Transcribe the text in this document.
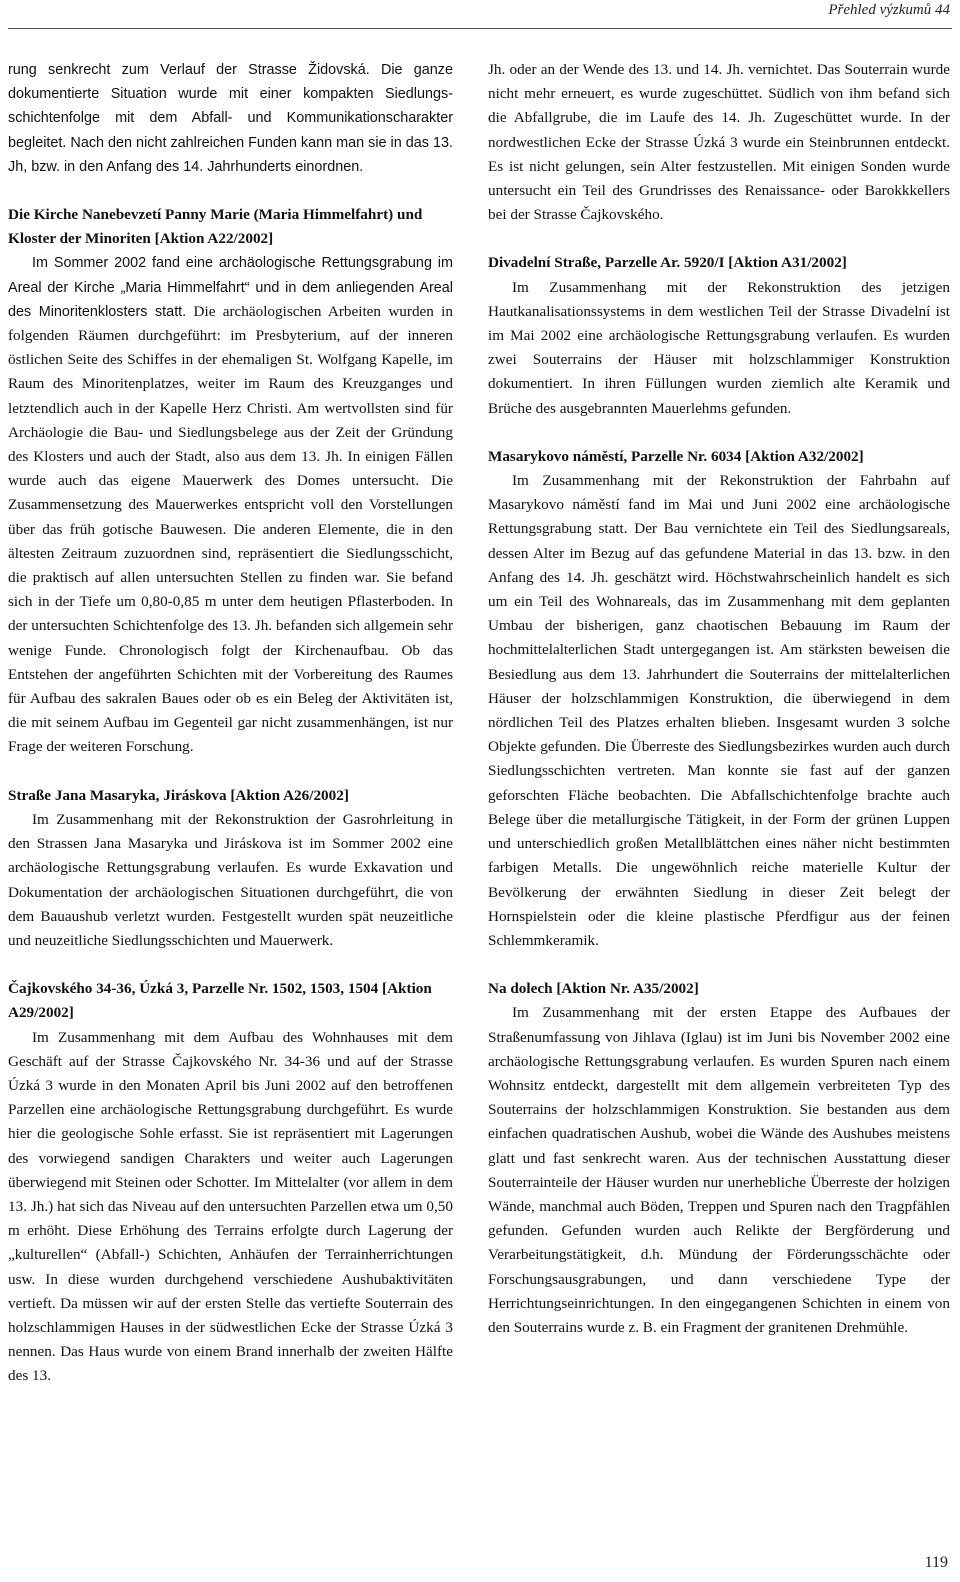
Přehled výzkumů 44

rung senkrecht zum Verlauf der Strasse Židovská. Die ganze dokumentierte Situation wurde mit einer kompakten Siedlungsschichtenfolge mit dem Abfall- und Kommunikationscharakter begleitet. Nach den nicht zahlreichen Funden kann man sie in das 13. Jh, bzw. in den Anfang des 14. Jahrhunderts einordnen.

Die Kirche Nanebevzetí Panny Marie (Maria Himmelfahrt) und Kloster der Minoriten [Aktion A22/2002]

Im Sommer 2002 fand eine archäologische Rettungsgrabung im Areal der Kirche „Maria Himmelfahrt“ und in dem anliegenden Areal des Minoritenklosters statt. Die archäologischen Arbeiten wurden in folgenden Räumen durchgeführt: im Presbyterium, auf der inneren östlichen Seite des Schiffes in der ehemaligen St. Wolfgang Kapelle, im Raum des Minoritenplatzes, weiter im Raum des Kreuzganges und letztendlich auch in der Kapelle Herz Christi. Am wertvollsten sind für Archäologie die Bau- und Siedlungsbelege aus der Zeit der Gründung des Klosters und auch der Stadt, also aus dem 13. Jh. In einigen Fällen wurde auch das eigene Mauerwerk des Domes untersucht. Die Zusammensetzung des Mauerwerkes entspricht voll den Vorstellungen über das früh gotische Bauwesen. Die anderen Elemente, die in den ältesten Zeitraum zuzuordnen sind, repräsentiert die Siedlungsschicht, die praktisch auf allen untersuchten Stellen zu finden war. Sie befand sich in der Tiefe um 0,80-0,85 m unter dem heutigen Pflasterboden. In der untersuchten Schichtenfolge des 13. Jh. befanden sich allgemein sehr wenige Funde. Chronologisch folgt der Kirchenaufbau. Ob das Entstehen der angeführten Schichten mit der Vorbereitung des Raumes für Aufbau des sakralen Baues oder ob es ein Beleg der Aktivitäten ist, die mit seinem Aufbau im Gegenteil gar nicht zusammenhängen, ist nur Frage der weiteren Forschung.
Straße Jana Masaryka, Jiráskova [Aktion A26/2002]

Im Zusammenhang mit der Rekonstruktion der Gasrohrleitung in den Strassen Jana Masaryka und Jiráskova ist im Sommer 2002 eine archäologische Rettungsgrabung verlaufen. Es wurde Exkavation und Dokumentation der archäologischen Situationen durchgeführt, die von dem Bauaushub verletzt wurden. Festgestellt wurden spät neuzeitliche und neuzeitliche Siedlungsschichten und Mauerwerk.

Čajkovského 34-36, Úzká 3, Parzelle Nr. 1502, 1503, 1504 [Aktion A29/2002]

Im Zusammenhang mit dem Aufbau des Wohnhauses mit dem Geschäft auf der Strasse Čajkovského Nr. 34-36 und auf der Strasse Úzká 3 wurde in den Monaten April bis Juni 2002 auf den betroffenen Parzellen eine archäologische Rettungsgrabung durchgeführt. Es wurde hier die geologische Sohle erfasst. Sie ist repräsentiert mit Lagerungen des vorwiegend sandigen Charakters und weiter auch Lagerungen überwiegend mit Steinen oder Schotter. Im Mittelalter (vor allem in dem 13. Jh.) hat sich das Niveau auf den untersuchten Parzellen etwa um 0,50 m erhöht. Diese Erhöhung des Terrains erfolgte durch Lagerung der „kulturellen“ (Abfall-) Schichten, Anhäufen der Terrainherrichtungen usw. In diese wurden durchgehend verschiedene Aushubaktivitäten vertieft. Da müssen wir auf der ersten Stelle das vertiefte Souterrain des holzschlammigen Hauses in der südwestlichen Ecke der Strasse Úzká 3 nennen. Das Haus wurde von einem Brand innerhalb der zweiten Hälfte des 13.

Jh. oder an der Wende des 13. und 14. Jh. vernichtet. Das Souterrain wurde nicht mehr erneuert, es wurde zugeschüttet. Südlich von ihm befand sich die Abfallgrube, die im Laufe des 14. Jh. Zugeschüttet wurde. In der nordwestlichen Ecke der Strasse Úzká 3 wurde ein Steinbrunnen entdeckt. Es ist nicht gelungen, sein Alter festzustellen. Mit einigen Sonden wurde untersucht ein Teil des Grundrisses des Renaissance- oder Barokkkellers bei der Strasse Čajkovského.

Divadelní Straße, Parzelle Ar. 5920/I [Aktion A31/2002]

Im Zusammenhang mit der Rekonstruktion des jetzigen Hautkanalisationssystems in dem westlichen Teil der Strasse Divadelní ist im Mai 2002 eine archäologische Rettungsgrabung verlaufen. Es wurden zwei Souterrains der Häuser mit holzschlammiger Konstruktion dokumentiert. In ihren Füllungen wurden ziemlich alte Keramik und Brüche des ausgebrannten Mauerlehms gefunden.

Masarykovo náměstí, Parzelle Nr. 6034 [Aktion A32/2002]

Im Zusammenhang mit der Rekonstruktion der Fahrbahn auf Masarykovo náměstí fand im Mai und Juni 2002 eine archäologische Rettungsgrabung statt. Der Bau vernichtete ein Teil des Siedlungsareals, dessen Alter im Bezug auf das gefundene Material in das 13. bzw. in den Anfang des 14. Jh. geschätzt wird. Höchstwahrscheinlich handelt es sich um ein Teil des Wohnareals, das im Zusammenhang mit dem geplanten Umbau der bisherigen, ganz chaotischen Bebauung im Raum der hochmittelalterlichen Stadt untergegangen ist. Am stärksten beweisen die Besiedlung aus dem 13. Jahrhundert die Souterrains der mittelalterlichen Häuser der holzschlammigen Konstruktion, die überwiegend in dem nördlichen Teil des Platzes erhalten blieben. Insgesamt wurden 3 solche Objekte gefunden. Die Überreste des Siedlungsbezirkes wurden auch durch Siedlungsschichten vertreten. Man konnte sie fast auf der ganzen geforschten Fläche beobachten. Die Abfallschichtenfolge brachte auch Belege über die metallurgische Tätigkeit, in der Form der grünen Luppen und unterschiedlich großen Metallblättchen eines näher nicht bestimmten farbigen Metalls. Die ungewöhnlich reiche materielle Kultur der Bevölkerung der erwähnten Siedlung in dieser Zeit belegt der Hornspielstein oder die kleine plastische Pferdfigur aus der feinen Schlemmkeramik.

Na dolech [Aktion Nr. A35/2002]

Im Zusammenhang mit der ersten Etappe des Aufbaues der Straßenumfassung von Jihlava (Iglau) ist im Juni bis November 2002 eine archäologische Rettungsgrabung verlaufen. Es wurden Spuren nach einem Wohnsitz entdeckt, dargestellt mit dem allgemein verbreiteten Typ des Souterrains der holzschlammigen Konstruktion. Sie bestanden aus dem einfachen quadratischen Aushub, wobei die Wände des Aushubes meistens glatt und fast senkrecht waren. Aus der technischen Ausstattung dieser Souterrainteile der Häuser wurden nur unerhebliche Überreste der holzigen Wände, manchmal auch Böden, Treppen und Spuren nach den Tragpfählen gefunden. Gefunden wurden auch Relikte der Bergförderung und Verarbeitungstätigkeit, d.h. Mündung der Förderungsschächte oder Forschungsausgrabungen, und dann verschiedene Type der Herrichtungseinrichtungen. In den eingegangenen Schichten in einem von den Souterrains wurde z. B. ein Fragment der granitenen Drehmühle.

119
